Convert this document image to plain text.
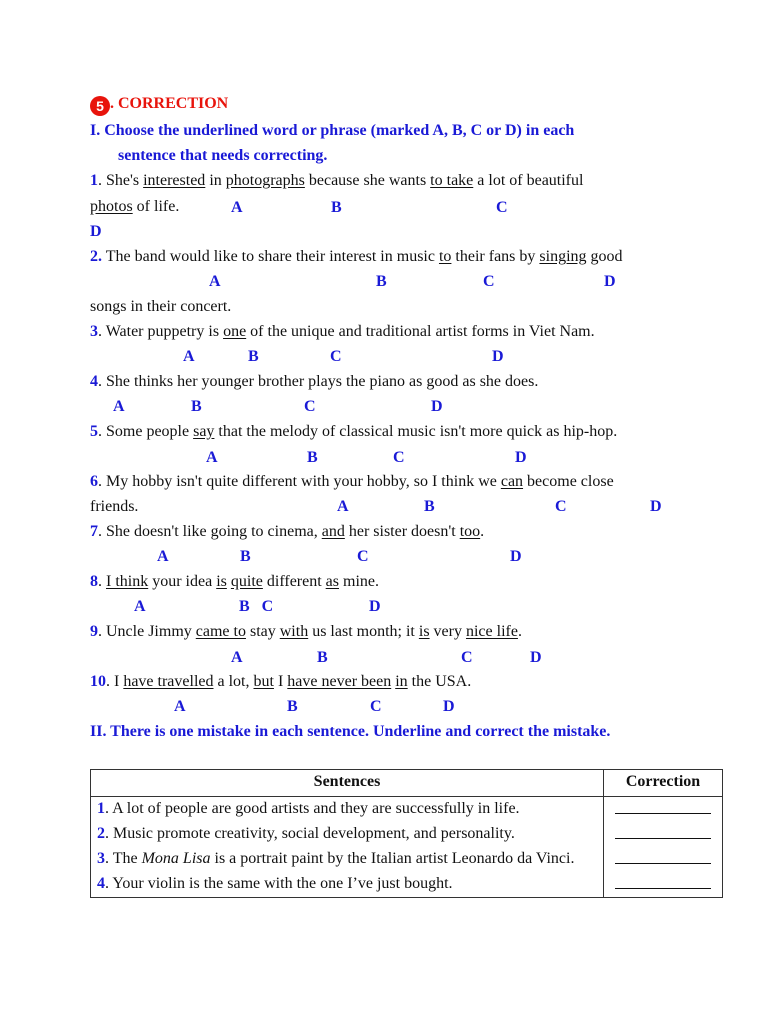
5 . CORRECTION
I. Choose the underlined word or phrase (marked A, B, C or D) in each
sentence that needs correcting.
1. She's interested in photographs because she wants to take a lot of beautiful
photos of life.	A	B	C
D
2. The band would like to share their interest in music to their fans by singing good
A	B	C	D
songs in their concert.
3. Water puppetry is one of the unique and traditional artist forms in Viet Nam.
A	B	C	D
4. She thinks her younger brother plays the piano as good as she does.
A	B	C	D
5. Some people say that the melody of classical music isn't more quick as hip-hop.
A	B	C	D
6. My hobby isn't quite different with your hobby, so I think we can become close
friends.	A	B	C	D
7. She doesn't like going to cinema, and her sister doesn't too.
A	B	C	D
8. I think your idea is quite different as mine.
A	B   C	D
9. Uncle Jimmy came to stay with us last month; it is very nice life.
A	B	C	D
10. I have travelled a lot, but I have never been in the USA.
A	B	C	D
II. There is one mistake in each sentence. Underline and correct the mistake.
Sentences	Correction
1. A lot of people are good artists and they are successfully in life.	
2. Music promote creativity, social development, and personality.	
3. The Mona Lisa is a portrait paint by the Italian artist Leonardo da Vinci.	
4. Your violin is the same with the one I’ve just bought.	
